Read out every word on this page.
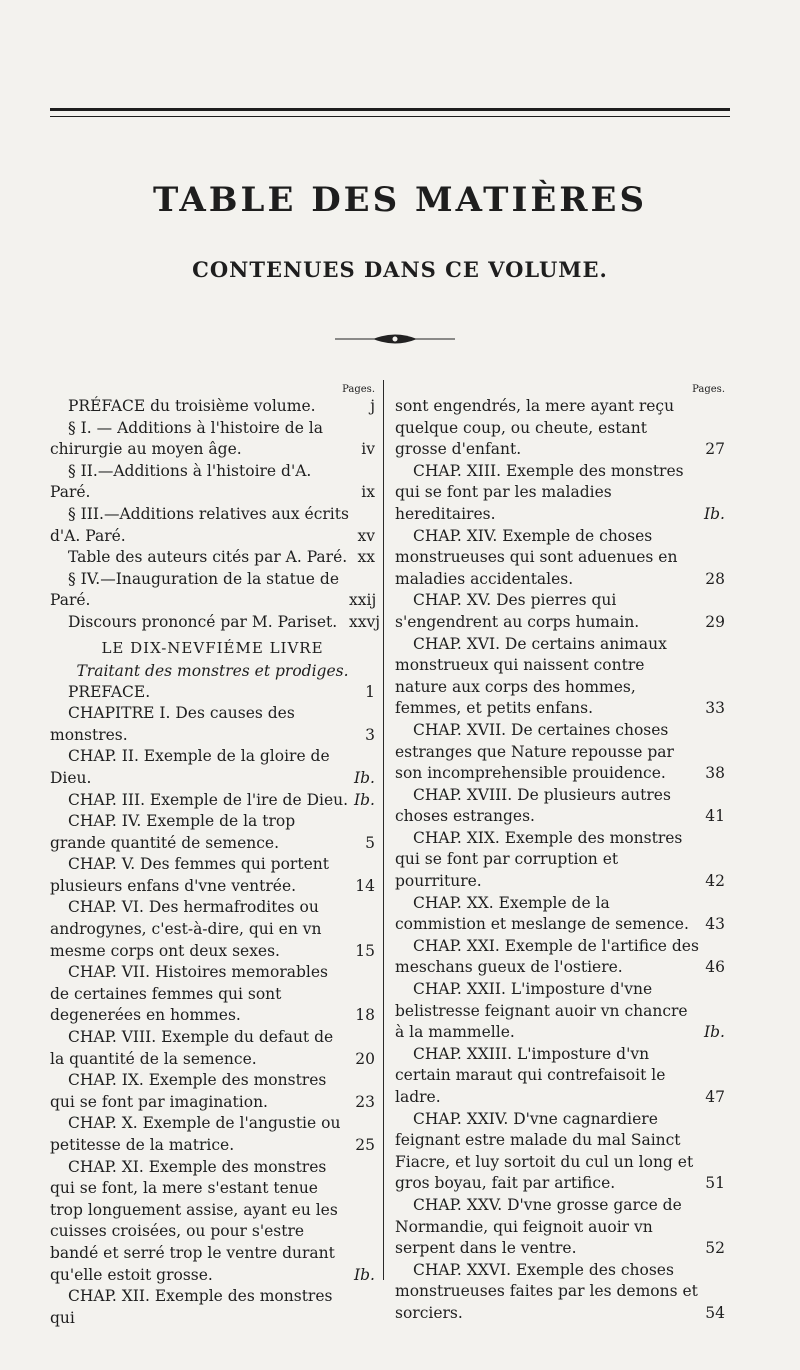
TABLE DES MATIÈRES
CONTENUES DANS CE VOLUME.
Pages.
PRÉFACE du troisième volume.	j
§ I. — Additions à l'histoire de la chirurgie au moyen âge.	iv
§ II.—Additions à l'histoire d'A. Paré.	ix
§ III.—Additions relatives aux écrits d'A. Paré.	xv
Table des auteurs cités par A. Paré. xx
§ IV.—Inauguration de la statue de Paré.	xxij
Discours prononcé par M. Pariset. xxvj
LE DIX-NEVFIÉME LIVRE
Traitant des monstres et prodiges.
PREFACE.	1
CHAPITRE I. Des causes des monstres.	3
CHAP. II. Exemple de la gloire de Dieu.	Ib.
CHAP. III. Exemple de l'ire de Dieu. Ib.
CHAP. IV. Exemple de la trop grande quantité de semence.	5
CHAP. V. Des femmes qui portent plusieurs enfans d'vne ventrée.	14
CHAP. VI. Des hermafrodites ou androgynes, c'est-à-dire, qui en vn mesme corps ont deux sexes.	15
CHAP. VII. Histoires memorables de certaines femmes qui sont degenerées en hommes.	18
CHAP. VIII. Exemple du defaut de la quantité de la semence.	20
CHAP. IX. Exemple des monstres qui se font par imagination.	23
CHAP. X. Exemple de l'angustie ou petitesse de la matrice.	25
CHAP. XI. Exemple des monstres qui se font, la mere s'estant tenue trop longuement assise, ayant eu les cuisses croisées, ou pour s'estre bandé et serré trop le ventre durant qu'elle estoit grosse.	Ib.
CHAP. XII. Exemple des monstres qui
Pages.
sont engendrés, la mere ayant reçu quelque coup, ou cheute, estant grosse d'enfant.	27
CHAP. XIII. Exemple des monstres qui se font par les maladies hereditaires.	Ib.
CHAP. XIV. Exemple de choses monstrueuses qui sont aduenues en maladies accidentales.	28
CHAP. XV. Des pierres qui s'engendrent au corps humain.	29
CHAP. XVI. De certains animaux monstrueux qui naissent contre nature aux corps des hommes, femmes, et petits enfans.	33
CHAP. XVII. De certaines choses estranges que Nature repousse par son incomprehensible prouidence.	38
CHAP. XVIII. De plusieurs autres choses estranges.	41
CHAP. XIX. Exemple des monstres qui se font par corruption et pourriture.	42
CHAP. XX. Exemple de la commistion et meslange de semence.	43
CHAP. XXI. Exemple de l'artifice des meschans gueux de l'ostiere.	46
CHAP. XXII. L'imposture d'vne belistresse feignant auoir vn chancre à la mammelle.	Ib.
CHAP. XXIII. L'imposture d'vn certain maraut qui contrefaisoit le ladre.	47
CHAP. XXIV. D'vne cagnardiere feignant estre malade du mal Sainct Fiacre, et luy sortoit du cul un long et gros boyau, fait par artifice.	51
CHAP. XXV. D'vne grosse garce de Normandie, qui feignoit auoir vn serpent dans le ventre.	52
CHAP. XXVI. Exemple des choses monstrueuses faites par les demons et sorciers.	54
